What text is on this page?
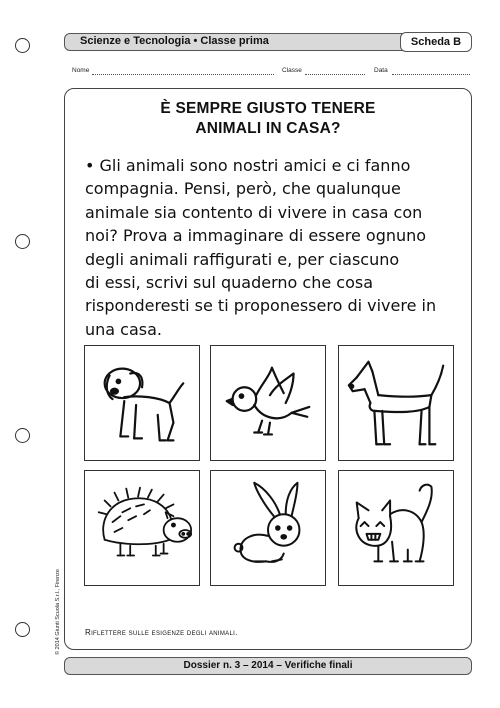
Scienze e Tecnologia • Classe prima	Scheda B
Nome	Classe	Data
È SEMPRE GIUSTO TENERE
ANIMALI IN CASA?
• Gli animali sono nostri amici e ci fanno
compagnia. Pensi, però, che qualunque
animale sia contento di vivere in casa con
noi? Prova a immaginare di essere ognuno
degli animali raffigurati e, per ciascuno
di essi, scrivi sul quaderno che cosa
risponderesti se ti proponessero di vivere in
una casa.
Riflettere sulle esigenze degli animali.
Dossier n. 3 – 2014 – Verifiche finali
© 2014 Giunti Scuola S.r.l., Firenze
